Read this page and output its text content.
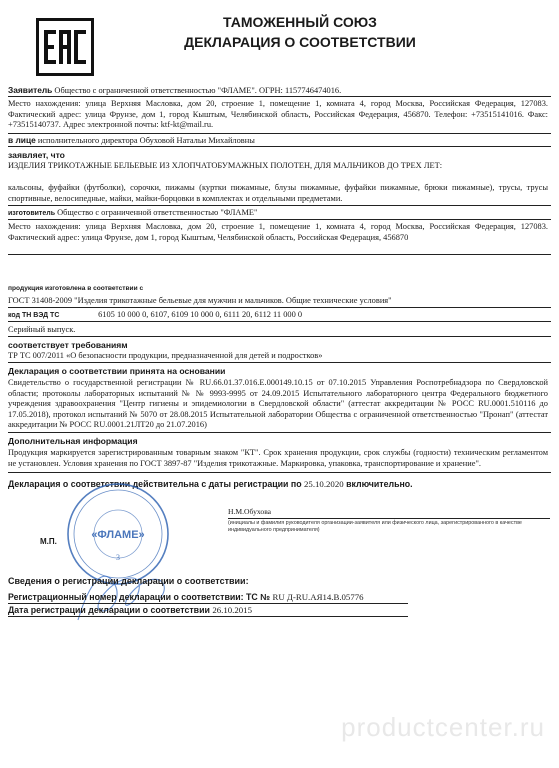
ТАМОЖЕННЫЙ СОЮЗ
ДЕКЛАРАЦИЯ О СООТВЕТСТВИИ
Заявитель Общество с ограниченной ответственностью "ФЛАМЕ". ОГРН: 1157746474016.
Место нахождения: улица Верхняя Масловка, дом 20, строение 1, помещение 1, комната 4, город Москва, Российская Федерация, 127083. Фактический адрес: улица Фрунзе, дом 1, город Кыштым, Челябинской область, Российская Федерация, 456870. Телефон: +73515141016. Факс: +73515140737. Адрес электронной почты: ktf-kt@mail.ru.
в лице исполнительного директора Обуховой Натальи Михайловны
заявляет, что
ИЗДЕЛИЯ ТРИКОТАЖНЫЕ БЕЛЬЕВЫЕ ИЗ ХЛОПЧАТОБУМАЖНЫХ ПОЛОТЕН, ДЛЯ МАЛЬЧИКОВ ДО ТРЕХ ЛЕТ:
кальсоны, фуфайки (футболки), сорочки, пижамы (куртки пижамные, блузы пижамные, фуфайки пижамные, брюки пижамные), трусы, трусы спортивные, велосипедные, майки, майки-борцовки в комплектах и отдельными предметами.
изготовитель Общество с ограниченной ответственностью "ФЛАМЕ"
Место нахождения: улица Верхняя Масловка, дом 20, строение 1, помещение 1, комната 4, город Москва, Российская Федерация, 127083. Фактический адрес: улица Фрунзе, дом 1, город Кыштым, Челябинской область, Российская Федерация, 456870
продукция изготовлена в соответствии с
ГОСТ 31408-2009 "Изделия трикотажные бельевые для мужчин и мальчиков. Общие технические условия"
код ТН ВЭД ТС	6105 10 000 0, 6107, 6109 10 000 0, 6111 20, 6112 11 000 0
Серийный выпуск.
соответствует требованиям
ТР ТС 007/2011 «О безопасности продукции, предназначенной для детей и подростков»
Декларация о соответствии принята на основании
Свидетельство о государственной регистрации № RU.66.01.37.016.Е.000149.10.15 от 07.10.2015 Управления Роспотребнадзора по Свердловской области; протоколы лабораторных испытаний № № 9993-9995 от 24.09.2015 Испытательного лабораторного центра Федерального бюджетного учреждения здравоохранения "Центр гигиены и эпидемиологии в Свердловской области" (аттестат аккредитации № РОСС RU.0001.510116 до 17.05.2018), протокол испытаний № 5070 от 28.08.2015 Испытательной лаборатории Общества с ограниченной ответственностью "Пронап" (аттестат аккредитации № РОСС RU.0001.21ЛТ20 до 21.07.2016)
Дополнительная информация
Продукция маркируется зарегистрированным товарным знаком "КТ". Срок хранения продукции, срок службы (годности) техническим регламентом не установлен. Условия хранения по ГОСТ 3897-87 "Изделия трикотажные. Маркировка, упаковка, транспортирование и хранение".
Декларация о соответствии действительна с даты регистрации по 25.10.2020 включительно.
«ФЛАМЕ»
3
М.П.
Н.М.Обухова
(инициалы и фамилия руководителя организации-заявителя или физического лица, зарегистрированного в качестве индивидуального предпринимателя)
Сведения о регистрации декларации о соответствии:
Регистрационный номер декларации о соответствии: ТС № RU Д-RU.АЯ14.В.05776
Дата регистрации декларации о соответствии 26.10.2015
productcenter.ru
